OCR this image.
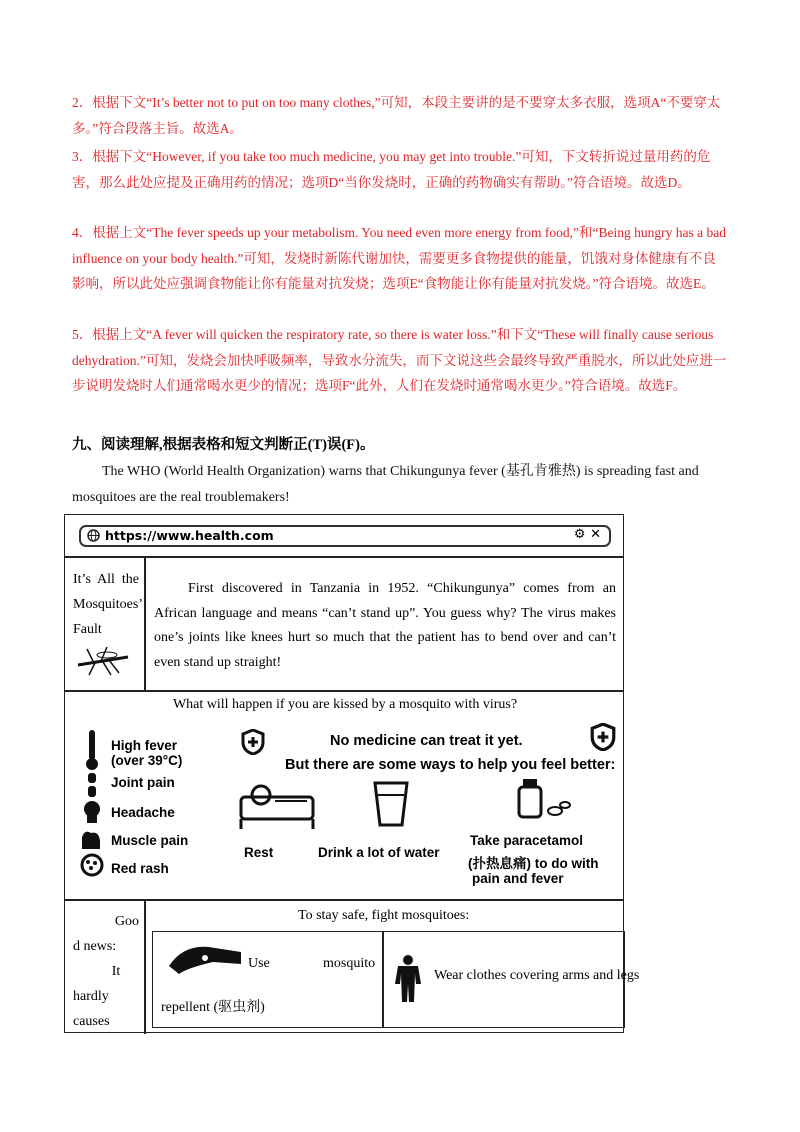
2．根据下文“It’s better not to put on too many clothes,”可知，本段主要讲的是不要穿太多衣服，选项A“不要穿太多。”符合段落主旨。故选A。

3．根据下文“However, if you take too much medicine, you may get into trouble.”可知，下文转折说过量用药的危害，那么此处应提及正确用药的情况；选项D“当你发烧时，正确的药物确实有帮助。”符合语境。故选D。

4．根据上文“The fever speeds up your metabolism. You need even more energy from food,”和“Being hungry has a bad influence on your body health.”可知，发烧时新陈代谢加快，需要更多食物提供的能量，饥饿对身体健康有不良影响，所以此处应强调食物能让你有能量对抗发烧；选项E“食物能让你有能量对抗发烧。”符合语境。故选E。

5．根据上文“A fever will quicken the respiratory rate, so there is water loss.”和下文“These will finally cause serious dehydration.”可知，发烧会加快呼吸频率，导致水分流失，而下文说这些会最终导致严重脱水，所以此处应进一步说明发烧时人们通常喝水更少的情况；选项F“此外，人们在发烧时通常喝水更少。”符合语境。故选F。

九、阅读理解,根据表格和短文判断正(T)误(F)。

The WHO (World Health Organization) warns that Chikungunya fever (基孔肯雅热) is spreading fast and mosquitoes are the real troublemakers!

https://www.health.com	⚙ ✕
It’s All the Mosquitoes’ Fault
First discovered in Tanzania in 1952. “Chikungunya” comes from an African language and means “can’t stand up”. You guess why? The virus makes one’s joints like knees hurt so much that the patient has to bend over and can’t even stand up straight!
What will happen if you are kissed by a mosquito with virus?
High fever
(over 39°C)
Joint pain
Headache
Muscle pain
Red rash
No medicine can treat it yet.
But there are some ways to help you feel better:
Rest	Drink a lot of water
Take paracetamol
(扑热息痛) to do with
pain and fever
Goo
d news:
It
hardly
causes
To stay safe, fight mosquitoes:
Use	mosquito
repellent (驱虫剂)
Wear clothes covering arms and legs
